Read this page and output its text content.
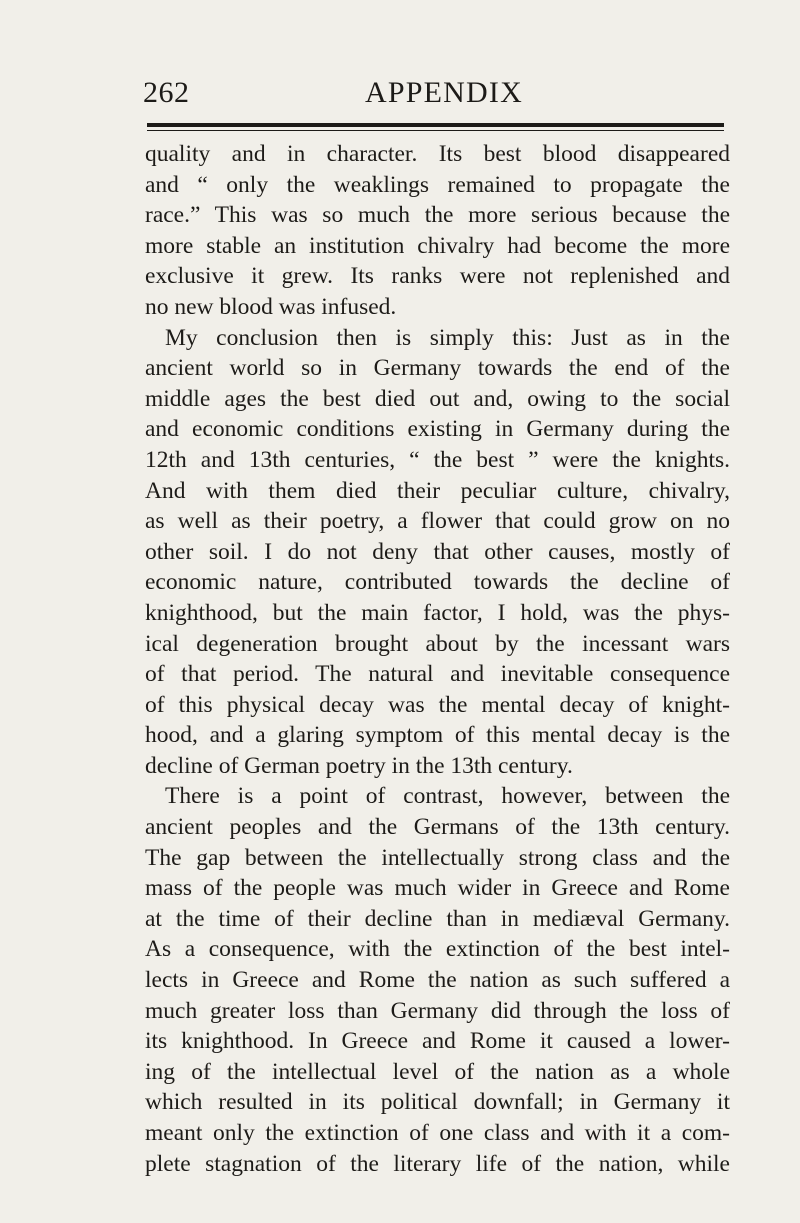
262	APPENDIX
quality and in character. Its best blood disappeared
and “ only the weaklings remained to propagate the
race.” This was so much the more serious because the
more stable an institution chivalry had become the more
exclusive it grew. Its ranks were not replenished and
no new blood was infused.
My conclusion then is simply this: Just as in the
ancient world so in Germany towards the end of the
middle ages the best died out and, owing to the social
and economic conditions existing in Germany during the
12th and 13th centuries, “ the best ” were the knights.
And with them died their peculiar culture, chivalry,
as well as their poetry, a flower that could grow on no
other soil. I do not deny that other causes, mostly of
economic nature, contributed towards the decline of
knighthood, but the main factor, I hold, was the phys-
ical degeneration brought about by the incessant wars
of that period. The natural and inevitable consequence
of this physical decay was the mental decay of knight-
hood, and a glaring symptom of this mental decay is the
decline of German poetry in the 13th century.
There is a point of contrast, however, between the
ancient peoples and the Germans of the 13th century.
The gap between the intellectually strong class and the
mass of the people was much wider in Greece and Rome
at the time of their decline than in mediæval Germany.
As a consequence, with the extinction of the best intel-
lects in Greece and Rome the nation as such suffered a
much greater loss than Germany did through the loss of
its knighthood. In Greece and Rome it caused a lower-
ing of the intellectual level of the nation as a whole
which resulted in its political downfall; in Germany it
meant only the extinction of one class and with it a com-
plete stagnation of the literary life of the nation, while
